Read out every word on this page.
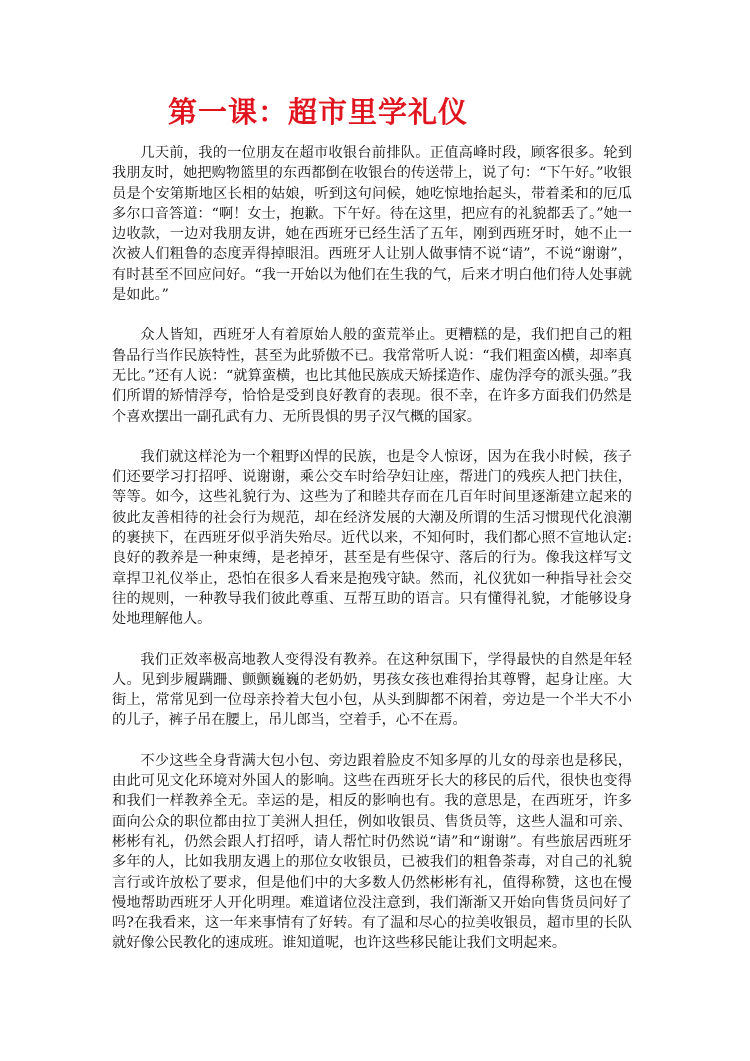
第一课：超市里学礼仪

几天前，我的一位朋友在超市收银台前排队。正值高峰时段，顾客很多。轮到我朋友时，她把购物篮里的东西都倒在收银台的传送带上，说了句：“下午好。”收银员是个安第斯地区长相的姑娘，听到这句问候，她吃惊地抬起头，带着柔和的厄瓜多尔口音答道：“啊！女士，抱歉。下午好。待在这里，把应有的礼貌都丢了。”她一边收款，一边对我朋友讲，她在西班牙已经生活了五年，刚到西班牙时，她不止一次被人们粗鲁的态度弄得掉眼泪。西班牙人让别人做事情不说“请”，不说“谢谢”，有时甚至不回应问好。“我一开始以为他们在生我的气，后来才明白他们待人处事就是如此。”

众人皆知，西班牙人有着原始人般的蛮荒举止。更糟糕的是，我们把自己的粗鲁品行当作民族特性，甚至为此骄傲不已。我常常听人说：“我们粗蛮凶横，却率真无比。”还有人说：“就算蛮横，也比其他民族成天矫揉造作、虚伪浮夸的派头强。”我们所谓的矫情浮夸，恰恰是受到良好教育的表现。很不幸，在许多方面我们仍然是个喜欢摆出一副孔武有力、无所畏惧的男子汉气概的国家。

我们就这样沦为一个粗野凶悍的民族，也是令人惊讶，因为在我小时候，孩子们还要学习打招呼、说谢谢，乘公交车时给孕妇让座，帮进门的残疾人把门扶住，等等。如今，这些礼貌行为、这些为了和睦共存而在几百年时间里逐渐建立起来的彼此友善相待的社会行为规范，却在经济发展的大潮及所谓的生活习惯现代化浪潮的裹挟下，在西班牙似乎消失殆尽。近代以来，不知何时，我们都心照不宣地认定:良好的教养是一种束缚，是老掉牙，甚至是有些保守、落后的行为。像我这样写文章捍卫礼仪举止，恐怕在很多人看来是抱残守缺。然而，礼仪犹如一种指导社会交往的规则，一种教导我们彼此尊重、互帮互助的语言。只有懂得礼貌，才能够设身处地理解他人。

我们正效率极高地教人变得没有教养。在这种氛围下，学得最快的自然是年轻人。见到步履蹒跚、颤颤巍巍的老奶奶，男孩女孩也难得抬其尊臀，起身让座。大街上，常常见到一位母亲拎着大包小包，从头到脚都不闲着，旁边是一个半大不小的儿子，裤子吊在腰上，吊儿郎当，空着手，心不在焉。

不少这些全身背满大包小包、旁边跟着脸皮不知多厚的儿女的母亲也是移民，由此可见文化环境对外国人的影响。这些在西班牙长大的移民的后代，很快也变得和我们一样教养全无。幸运的是，相反的影响也有。我的意思是，在西班牙，许多面向公众的职位都由拉丁美洲人担任，例如收银员、售货员等，这些人温和可亲、彬彬有礼，仍然会跟人打招呼，请人帮忙时仍然说“请”和“谢谢”。有些旅居西班牙多年的人，比如我朋友遇上的那位女收银员，已被我们的粗鲁荼毒，对自己的礼貌言行或许放松了要求，但是他们中的大多数人仍然彬彬有礼，值得称赞，这也在慢慢地帮助西班牙人开化明理。难道诸位没注意到，我们渐渐又开始向售货员问好了吗?在我看来，这一年来事情有了好转。有了温和尽心的拉美收银员，超市里的长队就好像公民教化的速成班。谁知道呢，也许这些移民能让我们文明起来。
